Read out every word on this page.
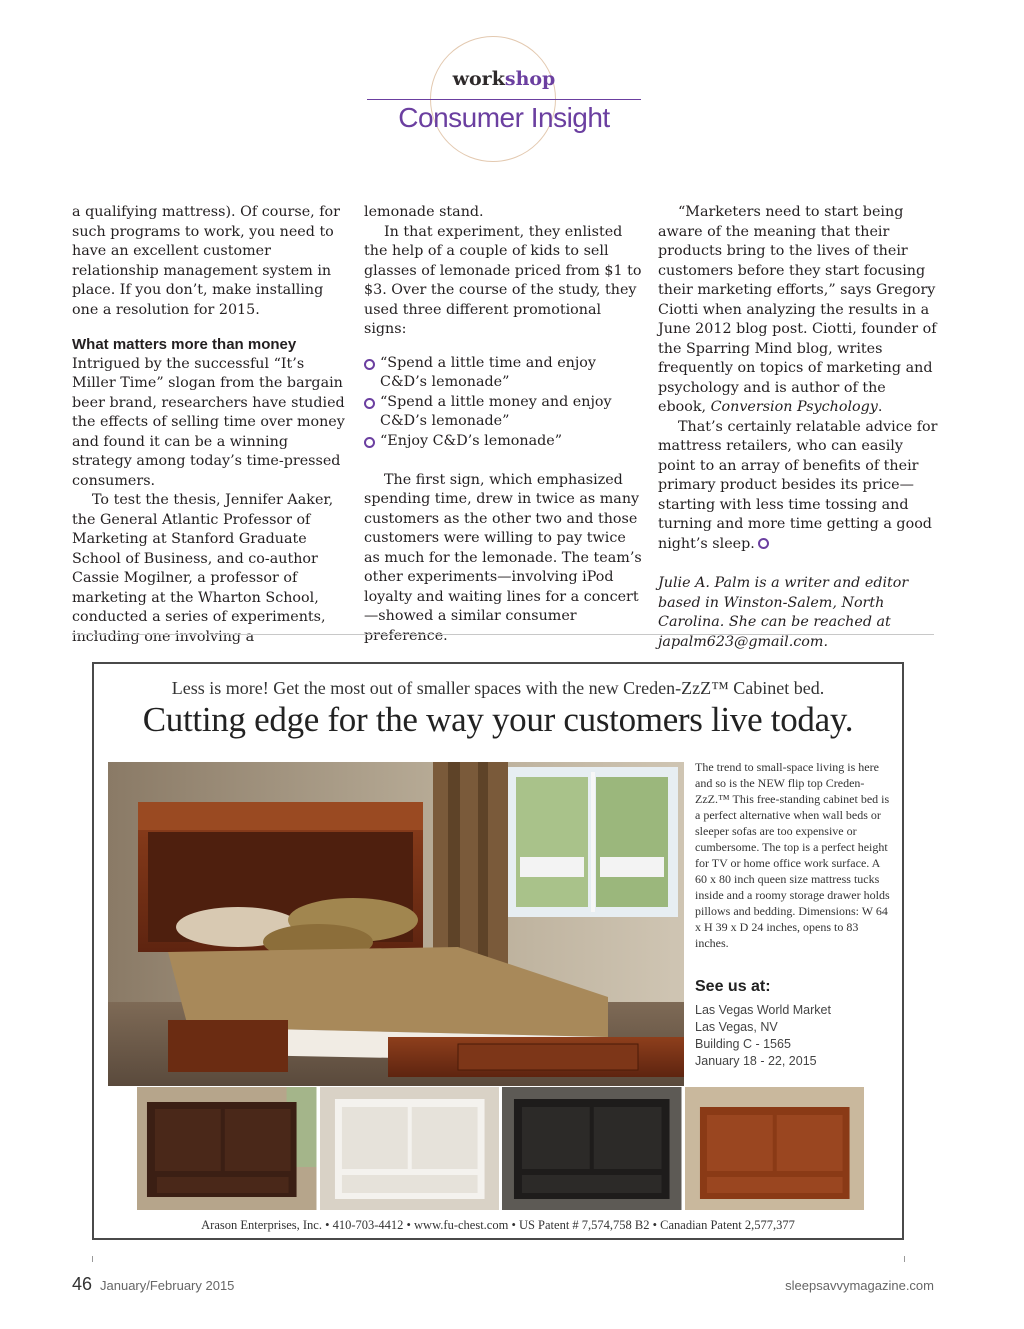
workshop
Consumer Insight

a qualifying mattress). Of course, for such programs to work, you need to have an excellent customer relationship management system in place. If you don’t, make installing one a resolution for 2015.

What matters more than money

Intrigued by the successful “It’s Miller Time” slogan from the bargain beer brand, researchers have studied the effects of selling time over money and found it can be a winning strategy among today’s time-pressed consumers.

To test the thesis, Jennifer Aaker, the General Atlantic Professor of Marketing at Stanford Graduate School of Business, and co-author Cassie Mogilner, a professor of marketing at the Wharton School, conducted a series of experiments, including one involving a

lemonade stand.

In that experiment, they enlisted the help of a couple of kids to sell glasses of lemonade priced from $1 to $3. Over the course of the study, they used three different promotional signs:

“Spend a little time and enjoy C&D’s lemonade”
“Spend a little money and enjoy C&D’s lemonade”
“Enjoy C&D’s lemonade”

The first sign, which emphasized spending time, drew in twice as many customers as the other two and those customers were willing to pay twice as much for the lemonade. The team’s other experiments—involving iPod loyalty and waiting lines for a concert—showed a similar consumer preference.

“Marketers need to start being aware of the meaning that their products bring to the lives of their customers before they start focusing their marketing efforts,” says Gregory Ciotti when analyzing the results in a June 2012 blog post. Ciotti, founder of the Sparring Mind blog, writes frequently on topics of marketing and psychology and is author of the ebook, Conversion Psychology.

That’s certainly relatable advice for mattress retailers, who can easily point to an array of benefits of their primary product besides its price—starting with less time tossing and turning and more time getting a good night’s sleep.

Julie A. Palm is a writer and editor based in Winston-Salem, North Carolina. She can be reached at japalm623@gmail.com.

Less is more! Get the most out of smaller spaces with the new Creden-ZzZ™ Cabinet bed.
Cutting edge for the way your customers live today.
The trend to small-space living is here and so is the NEW flip top Creden-ZzZ.™ This free-standing cabinet bed is a perfect alternative when wall beds or sleeper sofas are too expensive or cumbersome. The top is a perfect height for TV or home office work surface. A 60 x 80 inch queen size mattress tucks inside and a roomy storage drawer holds pillows and bedding. Dimensions: W 64 x H 39 x D 24 inches, opens to 83 inches.
See us at:
Las Vegas World Market
Las Vegas, NV
Building C - 1565
January 18 - 22, 2015
Arason Enterprises, Inc. • 410-703-4412 • www.fu-chest.com • US Patent # 7,574,758 B2 • Canadian Patent 2,577,377
46 January/February 2015	sleepsavvymagazine.com
